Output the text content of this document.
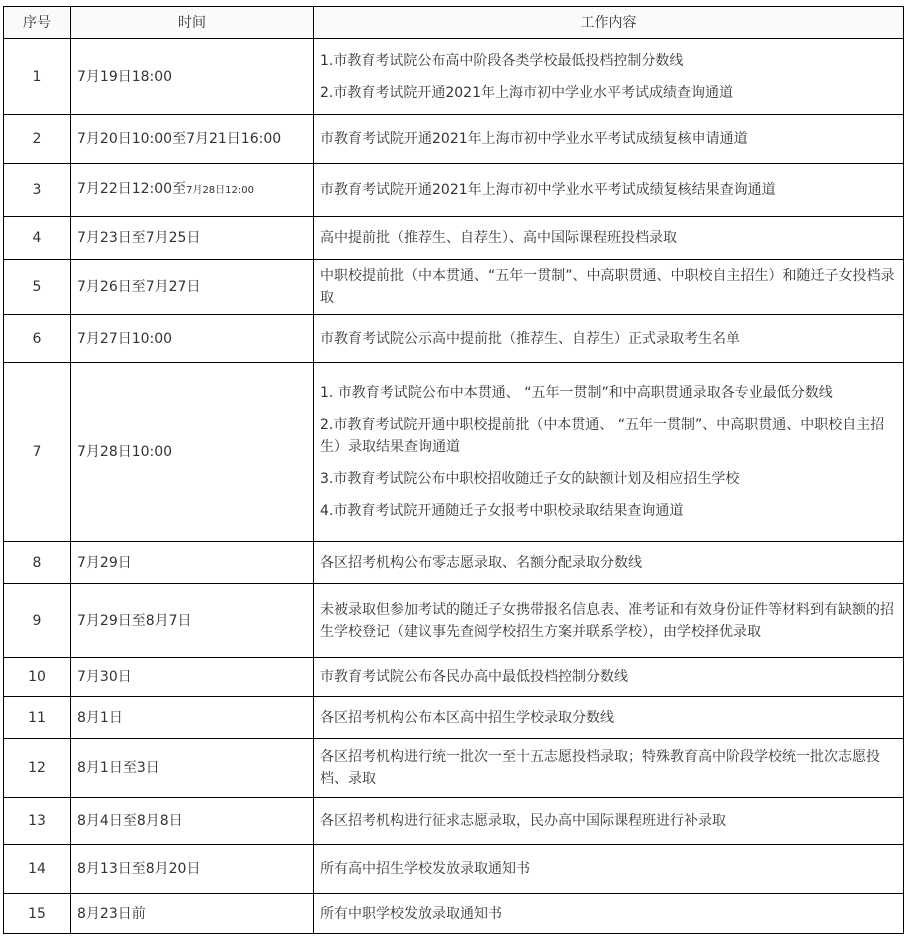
序号	时间	工作内容
1	7月19日18:00	1.市教育考试院公布高中阶段各类学校最低投档控制分数线

2.市教育考试院开通2021年上海市初中学业水平考试成绩查询通道

2	7月20日10:00至7月21日16:00	市教育考试院开通2021年上海市初中学业水平考试成绩复核申请通道

3	7月22日12:00至7月28日12:00	市教育考试院开通2021年上海市初中学业水平考试成绩复核结果查询通道

4	7月23日至7月25日	高中提前批（推荐生、自荐生）、高中国际课程班投档录取

5	7月26日至7月27日	中职校提前批（中本贯通、“五年一贯制”、中高职贯通、中职校自主招生）和随迁子女投档录取

6	7月27日10:00	市教育考试院公示高中提前批（推荐生、自荐生）正式录取考生名单

7	7月28日10:00	1. 市教育考试院公布中本贯通、 “五年一贯制”和中高职贯通录取各专业最低分数线

2.市教育考试院开通中职校提前批（中本贯通、 “五年一贯制”、中高职贯通、中职校自主招生）录取结果查询通道

3.市教育考试院公布中职校招收随迁子女的缺额计划及相应招生学校

4.市教育考试院开通随迁子女报考中职校录取结果查询通道

8	7月29日	各区招考机构公布零志愿录取、名额分配录取分数线

9	7月29日至8月7日	未被录取但参加考试的随迁子女携带报名信息表、准考证和有效身份证件等材料到有缺额的招生学校登记（建议事先查阅学校招生方案并联系学校），由学校择优录取

10	7月30日	市教育考试院公布各民办高中最低投档控制分数线

11	8月1日	各区招考机构公布本区高中招生学校录取分数线

12	8月1日至3日	各区招考机构进行统一批次一至十五志愿投档录取；特殊教育高中阶段学校统一批次志愿投档、录取

13	8月4日至8月8日	各区招考机构进行征求志愿录取，民办高中国际课程班进行补录取

14	8月13日至8月20日	所有高中招生学校发放录取通知书

15	8月23日前	所有中职学校发放录取通知书
